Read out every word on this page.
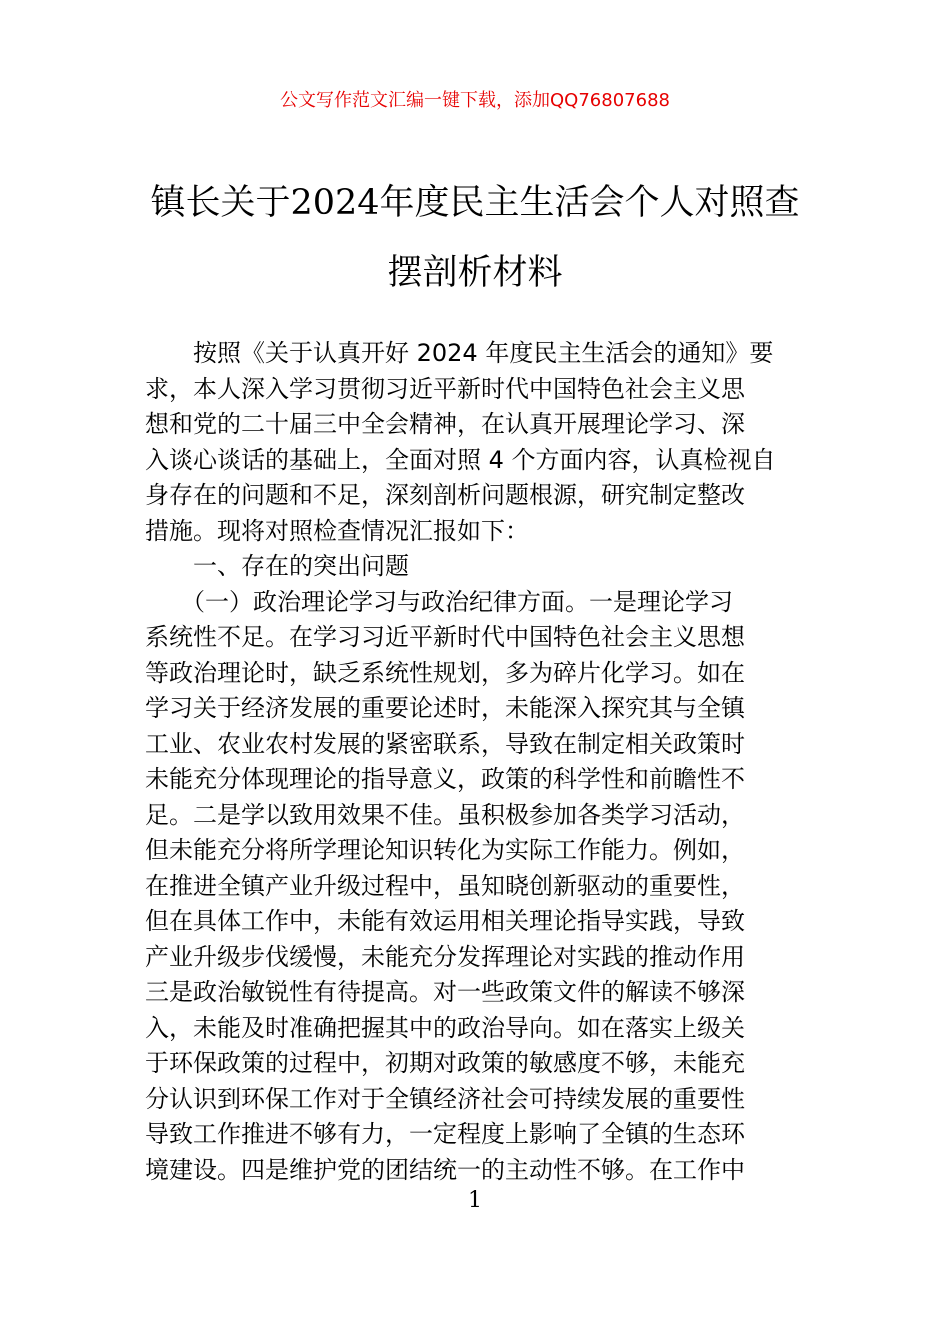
公文写作范文汇编一键下载，添加QQ76807688
镇长关于2024年度民主生活会个人对照查
摆剖析材料
　　按照《关于认真开好 2024 年度民主生活会的通知》要
求，本人深入学习贯彻习近平新时代中国特色社会主义思
想和党的二十届三中全会精神，在认真开展理论学习、深
入谈心谈话的基础上，全面对照 4 个方面内容，认真检视自
身存在的问题和不足，深刻剖析问题根源，研究制定整改
措施。现将对照检查情况汇报如下：
　　一、存在的突出问题
　　（一）政治理论学习与政治纪律方面。一是理论学习
系统性不足。在学习习近平新时代中国特色社会主义思想
等政治理论时，缺乏系统性规划，多为碎片化学习。如在
学习关于经济发展的重要论述时，未能深入探究其与全镇
工业、农业农村发展的紧密联系，导致在制定相关政策时
未能充分体现理论的指导意义，政策的科学性和前瞻性不
足。二是学以致用效果不佳。虽积极参加各类学习活动，
但未能充分将所学理论知识转化为实际工作能力。例如，
在推进全镇产业升级过程中，虽知晓创新驱动的重要性，
但在具体工作中，未能有效运用相关理论指导实践，导致
产业升级步伐缓慢，未能充分发挥理论对实践的推动作用
三是政治敏锐性有待提高。对一些政策文件的解读不够深
入，未能及时准确把握其中的政治导向。如在落实上级关
于环保政策的过程中，初期对政策的敏感度不够，未能充
分认识到环保工作对于全镇经济社会可持续发展的重要性
导致工作推进不够有力，一定程度上影响了全镇的生态环
境建设。四是维护党的团结统一的主动性不够。在工作中
1
